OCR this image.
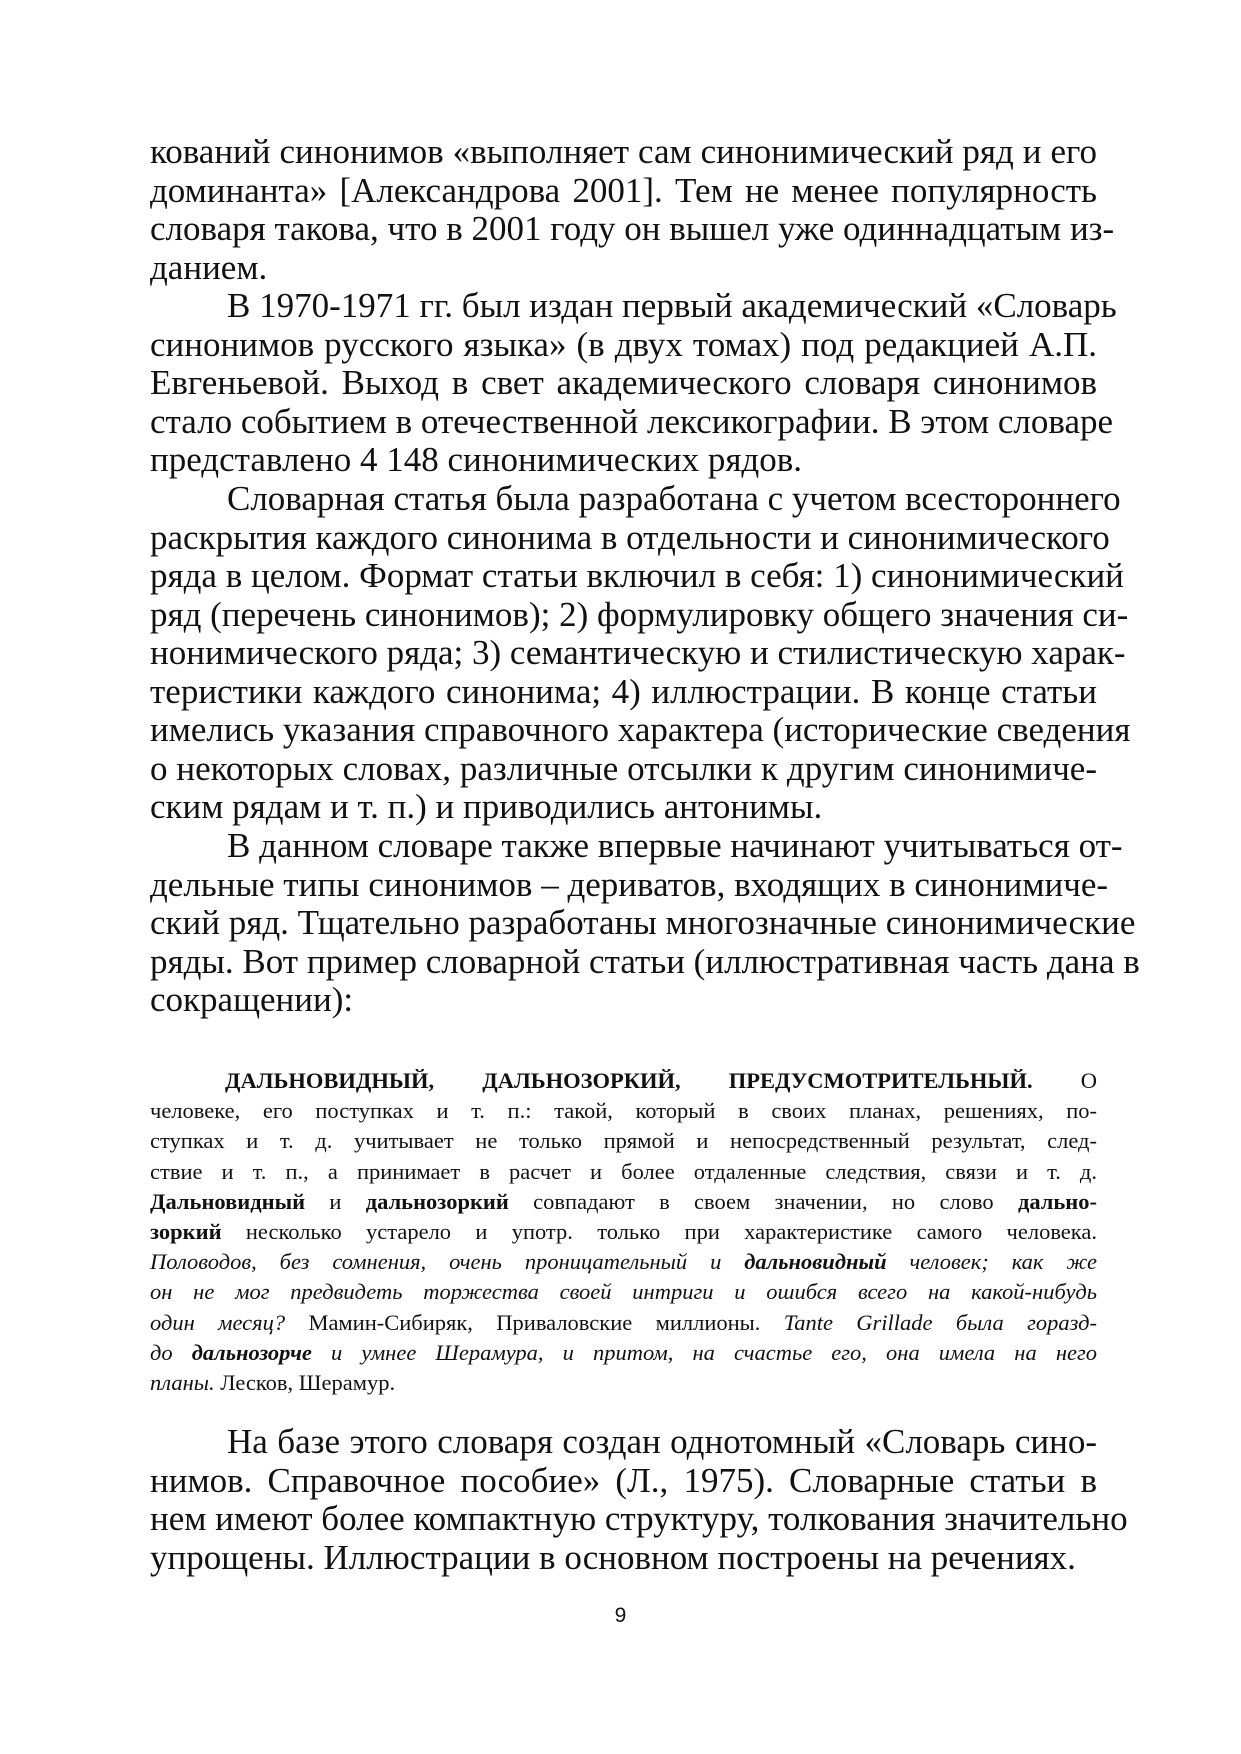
кований синонимов «выполняет сам синонимический ряд и его
доминанта» [Александрова 2001]. Тем не менее популярность
словаря такова, что в 2001 году он вышел уже одиннадцатым из-
данием.
В 1970-1971 гг. был издан первый академический «Словарь
синонимов русского языка» (в двух томах) под редакцией А.П.
Евгеньевой. Выход в свет академического словаря синонимов
стало событием в отечественной лексикографии. В этом словаре
представлено 4 148 синонимических рядов.
Словарная статья была разработана с учетом всестороннего
раскрытия каждого синонима в отдельности и синонимического
ряда в целом. Формат статьи включил в себя: 1) синонимический
ряд (перечень синонимов); 2) формулировку общего значения си-
нонимического ряда; 3) семантическую и стилистическую харак-
теристики каждого синонима; 4) иллюстрации. В конце статьи
имелись указания справочного характера (исторические сведения
о некоторых словах, различные отсылки к другим синонимиче-
ским рядам и т. п.) и приводились антонимы.
В данном словаре также впервые начинают учитываться от-
дельные типы синонимов – дериватов, входящих в синонимиче-
ский ряд. Тщательно разработаны многозначные синонимические
ряды. Вот пример словарной статьи (иллюстративная часть дана в
сокращении):
ДАЛЬНОВИДНЫЙ, ДАЛЬНОЗОРКИЙ, ПРЕДУСМОТРИТЕЛЬНЫЙ. О
человеке, его поступках и т. п.: такой, который в своих планах, решениях, по-
ступках и т. д. учитывает не только прямой и непосредственный результат, след-
ствие и т. п., а принимает в расчет и более отдаленные следствия, связи и т. д.
Дальновидный и дальнозоркий совпадают в своем значении, но слово дально-
зоркий несколько устарело и употр. только при характеристике самого человека.
Половодов, без сомнения, очень проницательный и дальновидный человек; как же
он не мог предвидеть торжества своей интриги и ошибся всего на какой-нибудь
один месяц? Мамин-Сибиряк, Приваловские миллионы. Tante Grillade была горазд-
до дальнозорче и умнее Шерамура, и притом, на счастье его, она имела на него
планы. Лесков, Шерамур.
На базе этого словаря создан однотомный «Словарь сино-
нимов. Справочное пособие» (Л., 1975). Словарные статьи в
нем имеют более компактную структуру, толкования значительно
упрощены. Иллюстрации в основном построены на речениях.
9
